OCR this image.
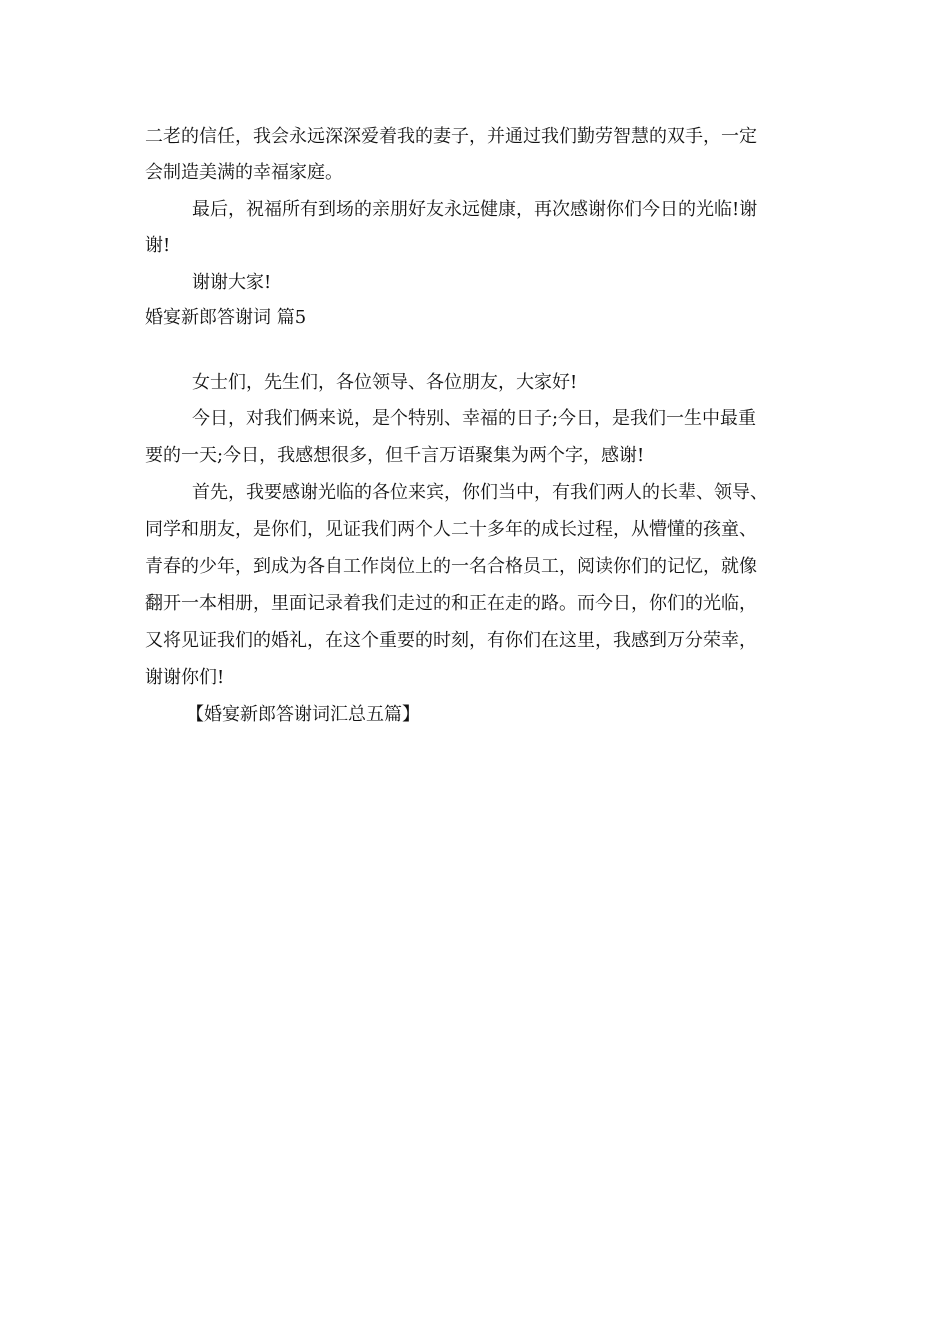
二老的信任，我会永远深深爱着我的妻子，并通过我们勤劳智慧的双手，一定
会制造美满的幸福家庭。
最后，祝福所有到场的亲朋好友永远健康，再次感谢你们今日的光临!谢
谢!
谢谢大家!
婚宴新郎答谢词 篇5
女士们，先生们，各位领导、各位朋友，大家好!
今日，对我们俩来说，是个特别、幸福的日子;今日，是我们一生中最重
要的一天;今日，我感想很多，但千言万语聚集为两个字，感谢!
首先，我要感谢光临的各位来宾，你们当中，有我们两人的长辈、领导、
同学和朋友，是你们，见证我们两个人二十多年的成长过程，从懵懂的孩童、
青春的少年，到成为各自工作岗位上的一名合格员工，阅读你们的记忆，就像
翻开一本相册，里面记录着我们走过的和正在走的路。而今日，你们的光临，
又将见证我们的婚礼，在这个重要的时刻，有你们在这里，我感到万分荣幸，
谢谢你们!
【婚宴新郎答谢词汇总五篇】
